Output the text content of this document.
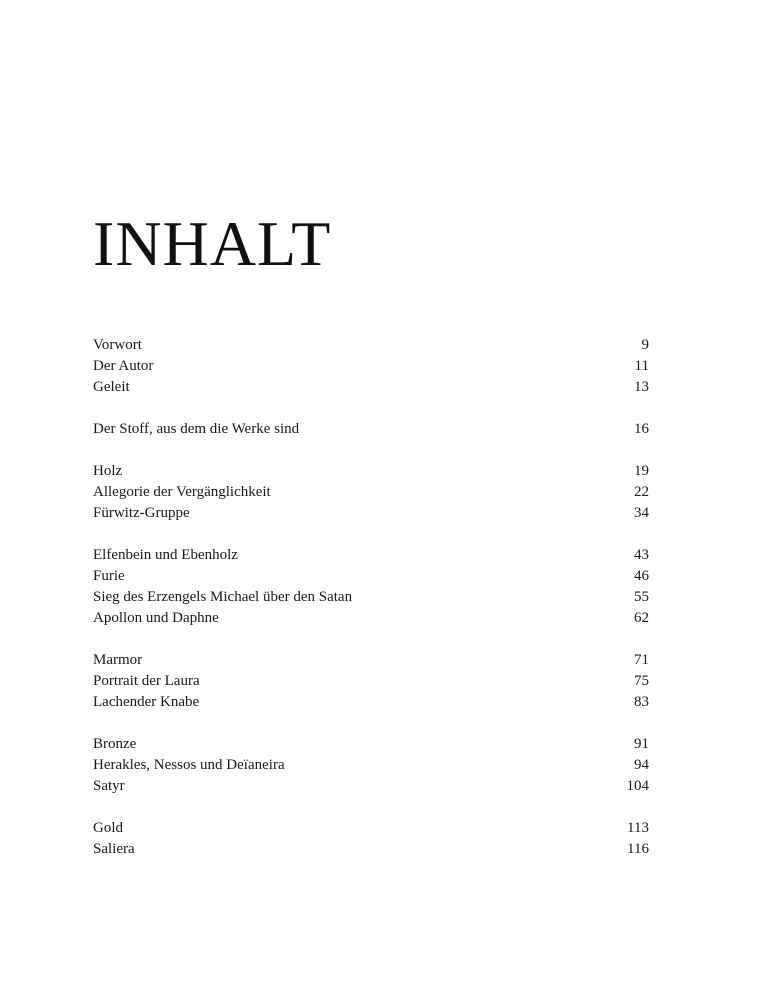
INHALT
Vorwort	9
Der Autor	11
Geleit	13
Der Stoff, aus dem die Werke sind	16
Holz	19
Allegorie der Vergänglichkeit	22
Fürwitz-Gruppe	34
Elfenbein und Ebenholz	43
Furie	46
Sieg des Erzengels Michael über den Satan	55
Apollon und Daphne	62
Marmor	71
Portrait der Laura	75
Lachender Knabe	83
Bronze	91
Herakles, Nessos und Deïaneira	94
Satyr	104
Gold	113
Saliera	116
